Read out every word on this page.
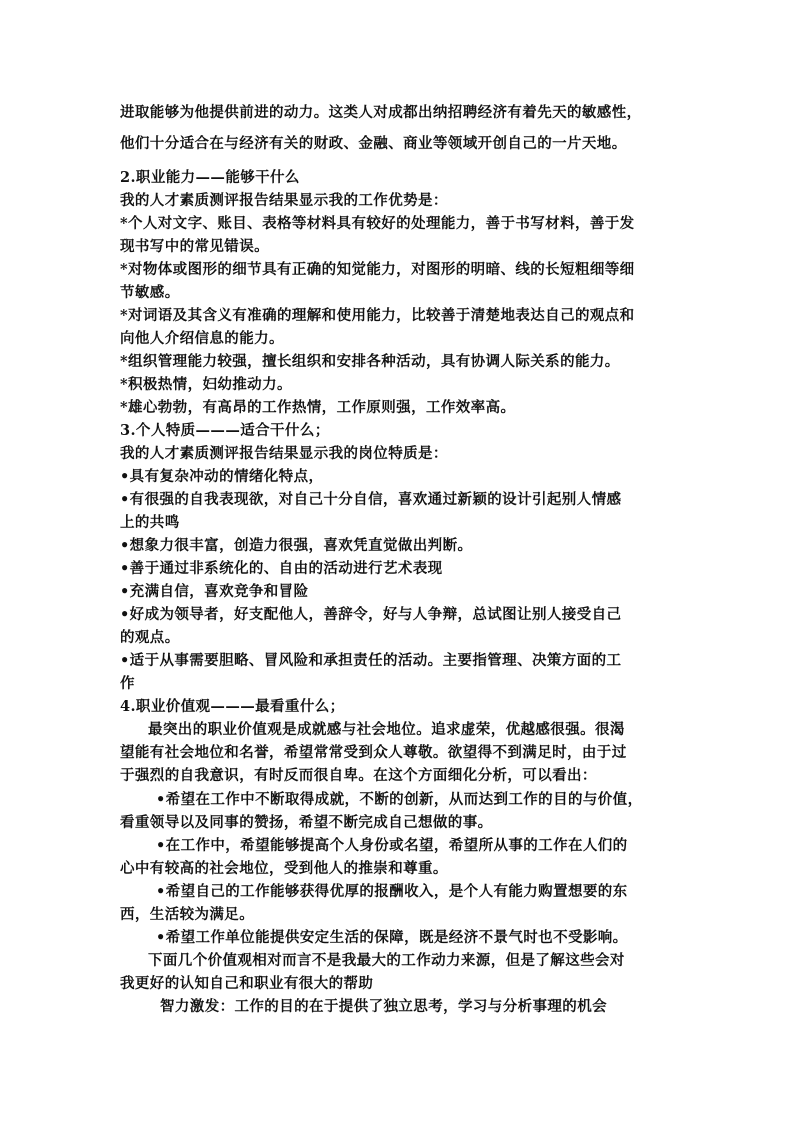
进取能够为他提供前进的动力。这类人对成都出纳招聘经济有着先天的敏感性，
他们十分适合在与经济有关的财政、金融、商业等领域开创自己的一片天地。
2.职业能力——能够干什么
我的人才素质测评报告结果显示我的工作优势是：
*个人对文字、账目、表格等材料具有较好的处理能力，善于书写材料，善于发
现书写中的常见错误。
*对物体或图形的细节具有正确的知觉能力，对图形的明暗、线的长短粗细等细
节敏感。
*对词语及其含义有准确的理解和使用能力，比较善于清楚地表达自己的观点和
向他人介绍信息的能力。
*组织管理能力较强，擅长组织和安排各种活动，具有协调人际关系的能力。
*积极热情，妇幼推动力。
*雄心勃勃，有高昂的工作热情，工作原则强，工作效率高。
3.个人特质———适合干什么；
我的人才素质测评报告结果显示我的岗位特质是：
•具有复杂冲动的情绪化特点，
•有很强的自我表现欲，对自己十分自信，喜欢通过新颖的设计引起别人情感
上的共鸣
•想象力很丰富，创造力很强，喜欢凭直觉做出判断。
•善于通过非系统化的、自由的活动进行艺术表现
•充满自信，喜欢竞争和冒险
•好成为领导者，好支配他人，善辞令，好与人争辩，总试图让别人接受自己
的观点。
•适于从事需要胆略、冒风险和承担责任的活动。主要指管理、决策方面的工
作
4.职业价值观———最看重什么；
最突出的职业价值观是成就感与社会地位。追求虚荣，优越感很强。很渴
望能有社会地位和名誉，希望常常受到众人尊敬。欲望得不到满足时，由于过
于强烈的自我意识，有时反而很自卑。在这个方面细化分析，可以看出：
•希望在工作中不断取得成就，不断的创新，从而达到工作的目的与价值，
看重领导以及同事的赞扬，希望不断完成自己想做的事。
•在工作中，希望能够提高个人身份或名望，希望所从事的工作在人们的
心中有较高的社会地位，受到他人的推崇和尊重。
•希望自己的工作能够获得优厚的报酬收入，是个人有能力购置想要的东
西，生活较为满足。
•希望工作单位能提供安定生活的保障，既是经济不景气时也不受影响。
下面几个价值观相对而言不是我最大的工作动力来源，但是了解这些会对
我更好的认知自己和职业有很大的帮助
智力激发：工作的目的在于提供了独立思考，学习与分析事理的机会
